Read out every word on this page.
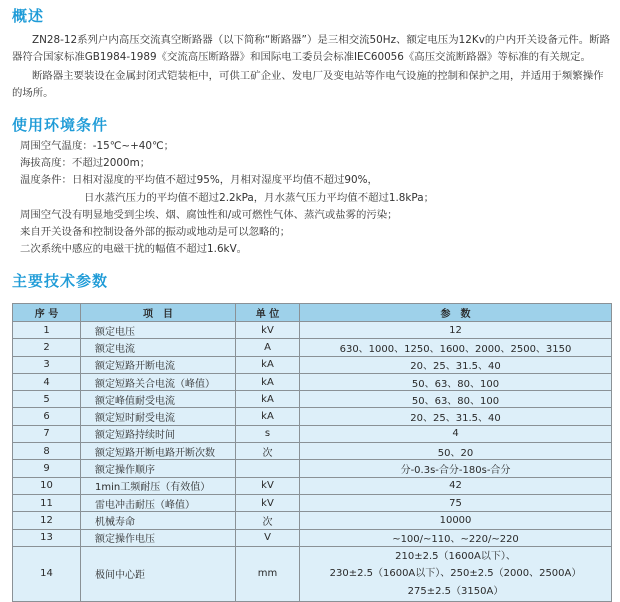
概述
ZN28-12系列户内高压交流真空断路器（以下简称“断路器”）是三相交流50Hz、额定电压为12Kv的户内开关设备元件。断路器符合国家标准GB1984-1989《交流高压断路器》和国际电工委员会标准IEC60056《高压交流断路器》等标准的有关规定。
断路器主要装设在金属封闭式铠装柜中，可供工矿企业、发电厂及变电站等作电气设施的控制和保护之用，并适用于频繁操作的场所。
使用环境条件
周围空气温度：-15℃~+40℃；
海拔高度：不超过2000m；
温度条件：日相对湿度的平均值不超过95%，月相对湿度平均值不超过90%，
日水蒸汽压力的平均值不超过2.2kPa，月水蒸气压力平均值不超过1.8kPa；
周围空气没有明显地受到尘埃、烟、腐蚀性和/或可燃性气体、蒸汽或盐雾的污染；
来自开关设备和控制设备外部的振动或地动是可以忽略的；
二次系统中感应的电磁干扰的幅值不超过1.6kV。
主要技术参数
序 号	项　目	单 位	参　数
1	额定电压	kV	12
2	额定电流	A	630、1000、1250、1600、2000、2500、3150
3	额定短路开断电流	kA	20、25、31.5、40
4	额定短路关合电流（峰值）	kA	50、63、80、100
5	额定峰值耐受电流	kA	50、63、80、100
6	额定短时耐受电流	kA	20、25、31.5、40
7	额定短路持续时间	s	4
8	额定短路开断电路开断次数	次	50、20
9	额定操作顺序		分-0.3s-合分-180s-合分
10	1min工频耐压（有效值）	kV	42
11	雷电冲击耐压（峰值）	kV	75
12	机械寿命	次	10000
13	额定操作电压	V	~100/~110、~220/~220
14	极间中心距	mm	210±2.5（1600A以下）、
230±2.5（1600A以下）、250±2.5（2000、2500A）
275±2.5（3150A）
